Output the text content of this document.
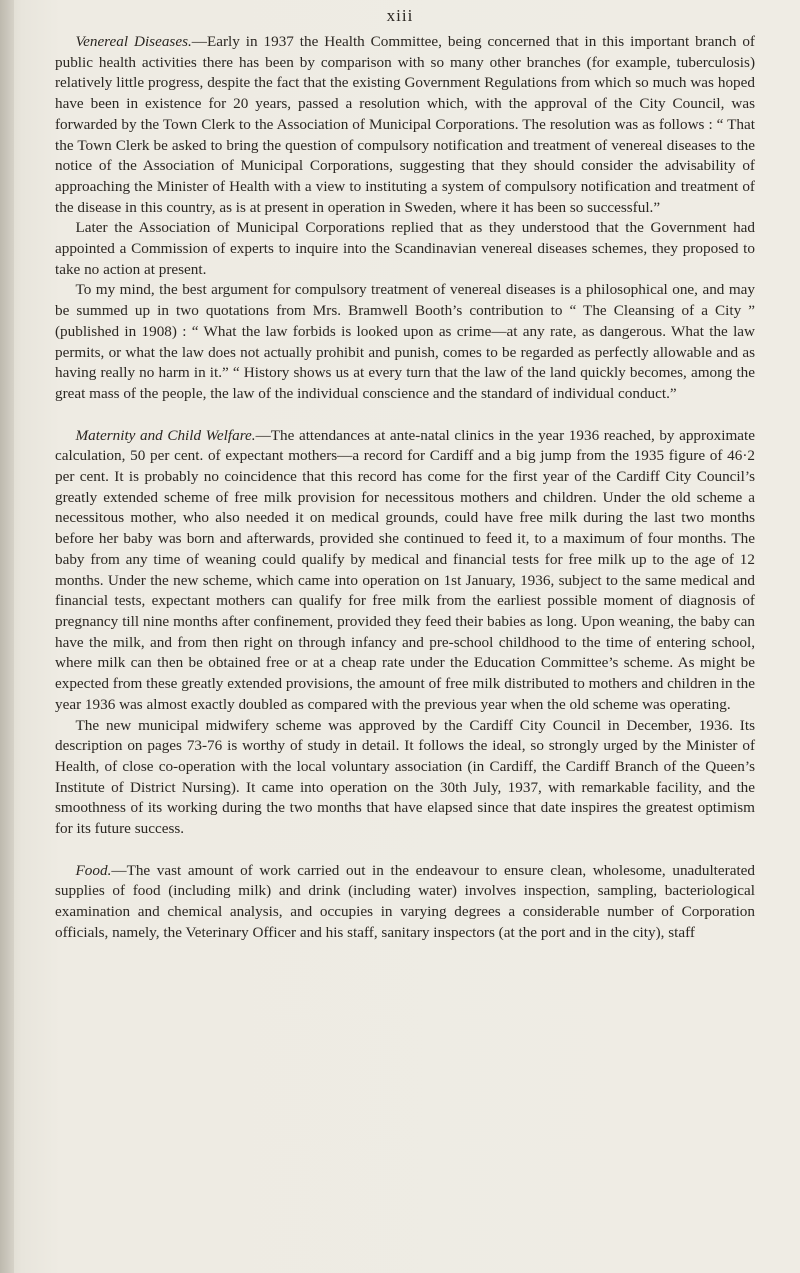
xiii

Venereal Diseases.—Early in 1937 the Health Committee, being concerned that in this important branch of public health activities there has been by comparison with so many other branches (for example, tuberculosis) relatively little progress, despite the fact that the existing Government Regulations from which so much was hoped have been in existence for 20 years, passed a resolution which, with the approval of the City Council, was forwarded by the Town Clerk to the Association of Municipal Corporations. The resolution was as follows : “ That the Town Clerk be asked to bring the question of compulsory notification and treatment of venereal diseases to the notice of the Association of Municipal Corporations, suggesting that they should consider the advisability of approaching the Minister of Health with a view to instituting a system of compulsory notification and treatment of the disease in this country, as is at present in operation in Sweden, where it has been so successful.”

Later the Association of Municipal Corporations replied that as they understood that the Government had appointed a Commission of experts to inquire into the Scandinavian venereal diseases schemes, they proposed to take no action at present.

To my mind, the best argument for compulsory treatment of venereal diseases is a philosophical one, and may be summed up in two quotations from Mrs. Bramwell Booth’s contribution to “ The Cleansing of a City ” (published in 1908) : “ What the law forbids is looked upon as crime—at any rate, as dangerous. What the law permits, or what the law does not actually prohibit and punish, comes to be regarded as perfectly allowable and as having really no harm in it.” “ History shows us at every turn that the law of the land quickly becomes, among the great mass of the people, the law of the individual conscience and the standard of individual conduct.”

Maternity and Child Welfare.—The attendances at ante-natal clinics in the year 1936 reached, by approximate calculation, 50 per cent. of expectant mothers—a record for Cardiff and a big jump from the 1935 figure of 46·2 per cent. It is probably no coincidence that this record has come for the first year of the Cardiff City Council’s greatly extended scheme of free milk provision for necessitous mothers and children. Under the old scheme a necessitous mother, who also needed it on medical grounds, could have free milk during the last two months before her baby was born and afterwards, provided she continued to feed it, to a maximum of four months. The baby from any time of weaning could qualify by medical and financial tests for free milk up to the age of 12 months. Under the new scheme, which came into operation on 1st January, 1936, subject to the same medical and financial tests, expectant mothers can qualify for free milk from the earliest possible moment of diagnosis of pregnancy till nine months after confinement, provided they feed their babies as long. Upon weaning, the baby can have the milk, and from then right on through infancy and pre-school childhood to the time of entering school, where milk can then be obtained free or at a cheap rate under the Education Committee’s scheme. As might be expected from these greatly extended provisions, the amount of free milk distributed to mothers and children in the year 1936 was almost exactly doubled as compared with the previous year when the old scheme was operating.

The new municipal midwifery scheme was approved by the Cardiff City Council in December, 1936. Its description on pages 73-76 is worthy of study in detail. It follows the ideal, so strongly urged by the Minister of Health, of close co-operation with the local voluntary association (in Cardiff, the Cardiff Branch of the Queen’s Institute of District Nursing). It came into operation on the 30th July, 1937, with remarkable facility, and the smoothness of its working during the two months that have elapsed since that date inspires the greatest optimism for its future success.

Food.—The vast amount of work carried out in the endeavour to ensure clean, wholesome, unadulterated supplies of food (including milk) and drink (including water) involves inspection, sampling, bacteriological examination and chemical analysis, and occupies in varying degrees a considerable number of Corporation officials, namely, the Veterinary Officer and his staff, sanitary inspectors (at the port and in the city), staff
